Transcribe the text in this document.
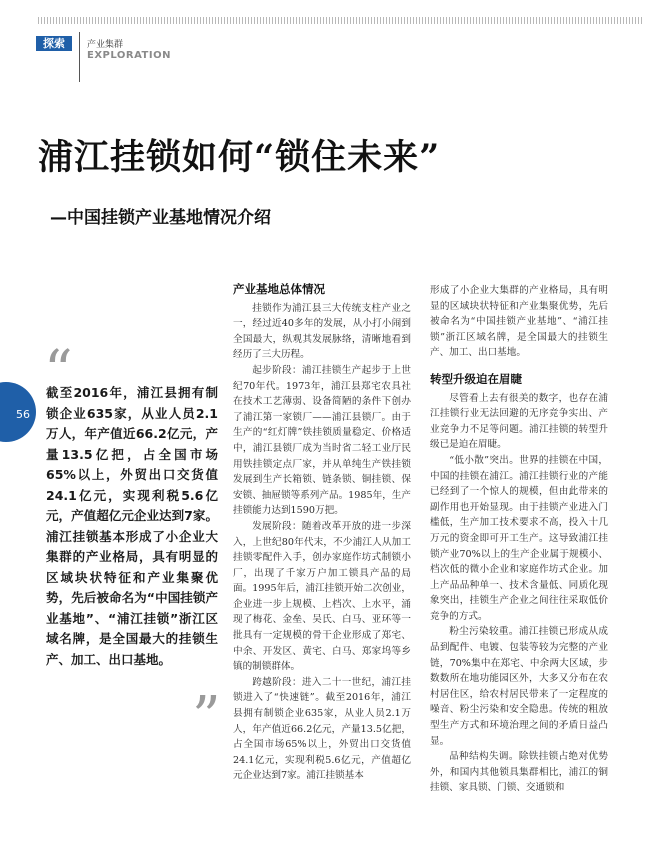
探索	产业集群
EXPLORATION
浦江挂锁如何“锁住未来”
—中国挂锁产业基地情况介绍
56
“
截至2016年，浦江县拥有制锁企业635家，从业人员2.1万人，年产值近66.2亿元，产量13.5亿把，占全国市场65%以上，外贸出口交货值24.1亿元，实现利税5.6亿元，产值超亿元企业达到7家。浦江挂锁基本形成了小企业大集群的产业格局，具有明显的区域块状特征和产业集聚优势，先后被命名为“中国挂锁产业基地”、“浦江挂锁”浙江区域名牌，是全国最大的挂锁生产、加工、出口基地。
”
产业基地总体情况

挂锁作为浦江县三大传统支柱产业之一，经过近40多年的发展，从小打小闹到全国最大，纵观其发展脉络，清晰地看到经历了三大历程。

起步阶段：浦江挂锁生产起步于上世纪70年代。1973年，浦江县郑宅农具社在技术工艺薄弱、设备简陋的条件下创办了浦江第一家锁厂——浦江县锁厂。由于生产的“红灯牌”铁挂锁质量稳定、价格适中，浦江县锁厂成为当时省二轻工业厅民用铁挂锁定点厂家，并从单纯生产铁挂锁发展到生产长箱锁、链条锁、铜挂锁、保安锁、抽屉锁等系列产品。1985年，生产挂锁能力达到1590万把。

发展阶段：随着改革开放的进一步深入，上世纪80年代末，不少浦江人从加工挂锁零配件入手，创办家庭作坊式制锁小厂，出现了千家万户加工锁具产品的局面。1995年后，浦江挂锁开始二次创业，企业进一步上规模、上档次、上水平，涌现了梅花、金垒、吴氏、白马、亚环等一批具有一定规模的骨干企业形成了郑宅、中余、开发区、黄宅、白马、郑家坞等乡镇的制锁群体。

跨越阶段：进入二十一世纪，浦江挂锁进入了“快速链”。截至2016年，浦江县拥有制锁企业635家，从业人员2.1万人，年产值近66.2亿元，产量13.5亿把，占全国市场65%以上，外贸出口交货值24.1亿元，实现利税5.6亿元，产值超亿元企业达到7家。浦江挂锁基本

形成了小企业大集群的产业格局，具有明显的区域块状特征和产业集聚优势，先后被命名为“中国挂锁产业基地”、“浦江挂锁”浙江区域名牌，是全国最大的挂锁生产、加工、出口基地。

转型升级迫在眉睫

尽管看上去有很美的数字，也存在浦江挂锁行业无法回避的无序竞争实出、产业竞争力不足等问题。浦江挂锁的转型升级已是迫在眉睫。

“低小散”突出。世界的挂锁在中国，中国的挂锁在浦江。浦江挂锁行业的产能已经到了一个惊人的规模，但由此带来的副作用也开始显现。由于挂锁产业进入门槛低，生产加工技术要求不高，投入十几万元的资金即可开工生产。这导致浦江挂锁产业70%以上的生产企业属于规模小、档次低的微小企业和家庭作坊式企业。加上产品品种单一、技术含量低、同质化现象突出，挂锁生产企业之间往往采取低价竞争的方式。

粉尘污染较重。浦江挂锁已形成从成品到配件、电镀、包装等较为完整的产业链，70%集中在郑宅、中余两大区域，步数数所在地功能园区外，大多又分布在农村居住区，给农村居民带来了一定程度的噪音、粉尘污染和安全隐患。传统的粗放型生产方式和环境治理之间的矛盾日益凸显。

品种结构失调。除铁挂锁占绝对优势外，和国内其他锁具集群相比，浦江的铜挂锁、家具锁、门锁、交通锁和
